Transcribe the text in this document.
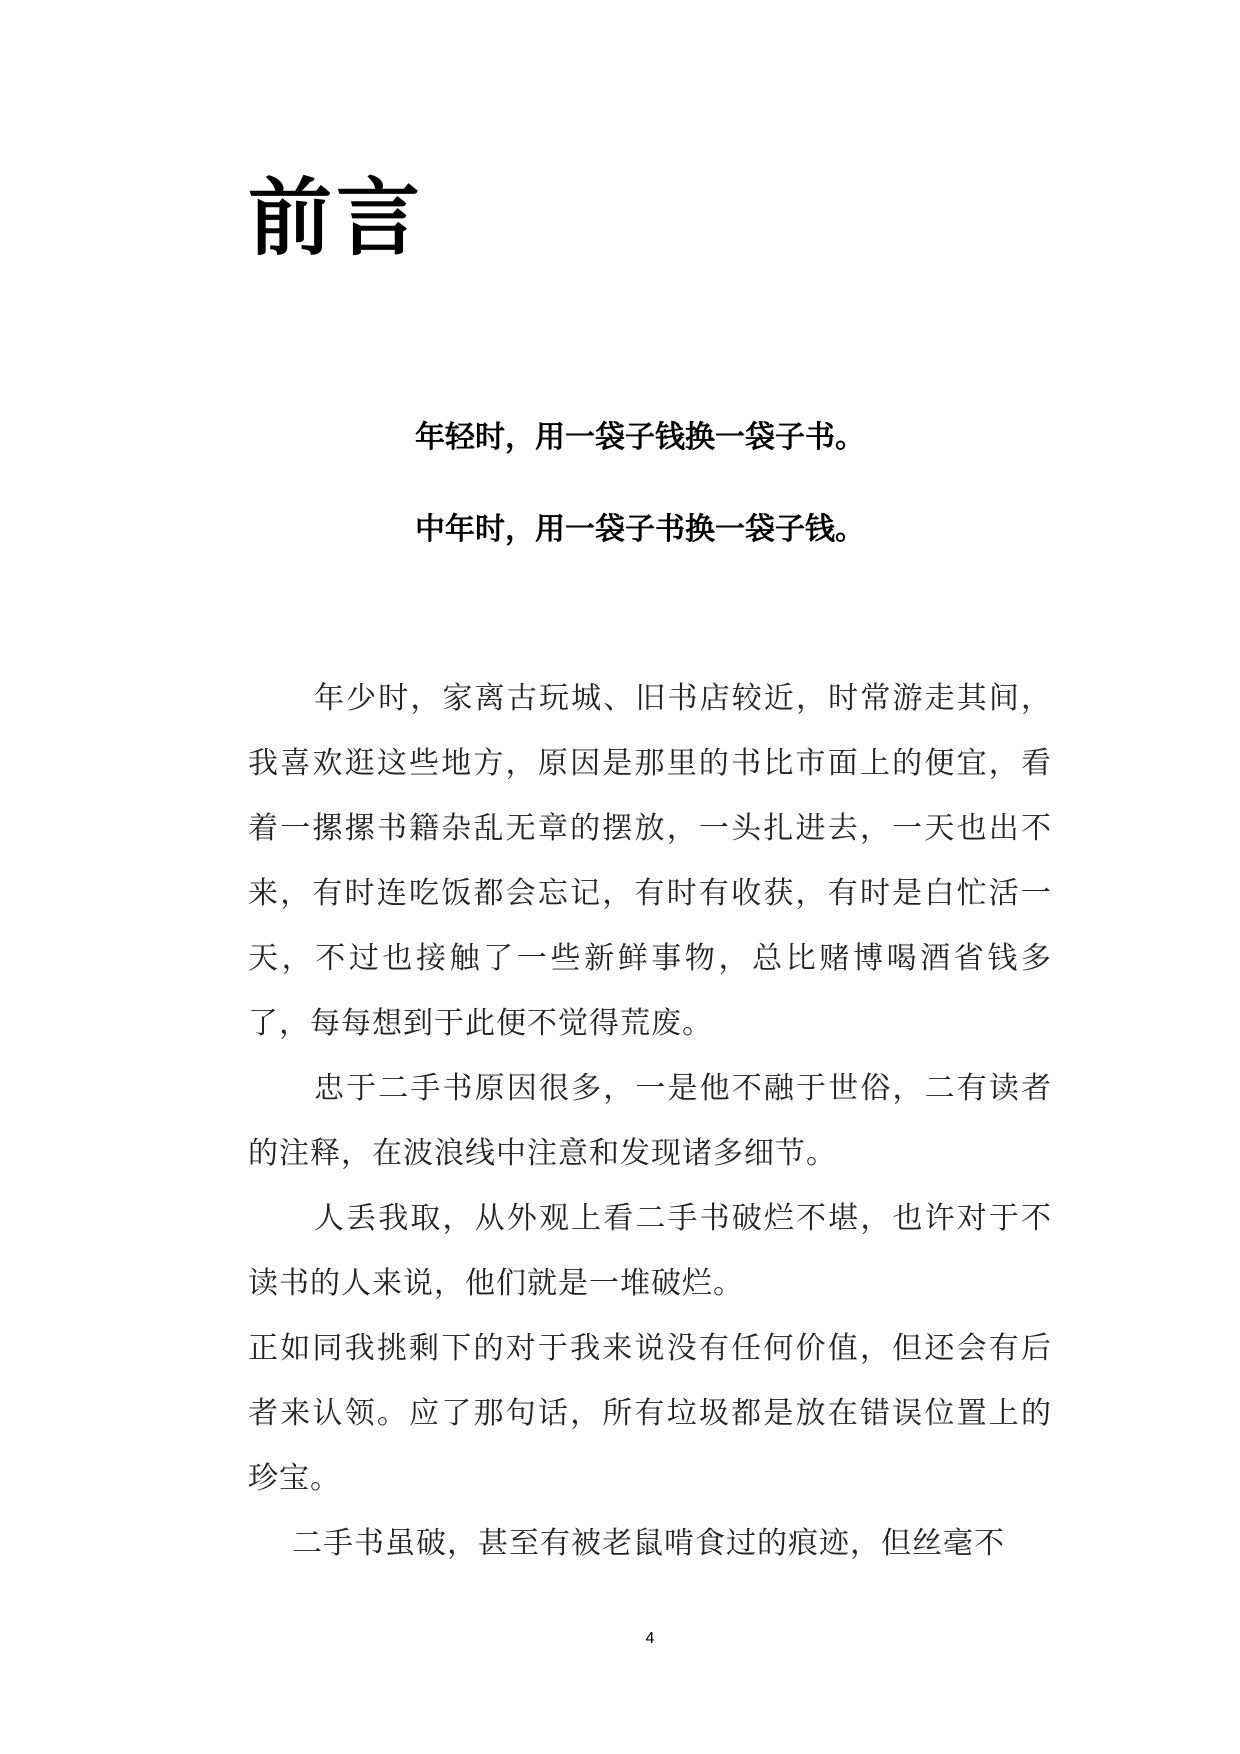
前言

年轻时，用一袋子钱换一袋子书。

中年时，用一袋子书换一袋子钱。

年少时，家离古玩城、旧书店较近，时常游走其间，我喜欢逛这些地方，原因是那里的书比市面上的便宜，看着一摞摞书籍杂乱无章的摆放，一头扎进去，一天也出不来，有时连吃饭都会忘记，有时有收获，有时是白忙活一天，不过也接触了一些新鲜事物，总比赌博喝酒省钱多了，每每想到于此便不觉得荒废。

忠于二手书原因很多，一是他不融于世俗，二有读者的注释，在波浪线中注意和发现诸多细节。

人丢我取，从外观上看二手书破烂不堪，也许对于不读书的人来说，他们就是一堆破烂。

正如同我挑剩下的对于我来说没有任何价值，但还会有后者来认领。应了那句话，所有垃圾都是放在错误位置上的珍宝。

二手书虽破，甚至有被老鼠啃食过的痕迹，但丝毫不

4
